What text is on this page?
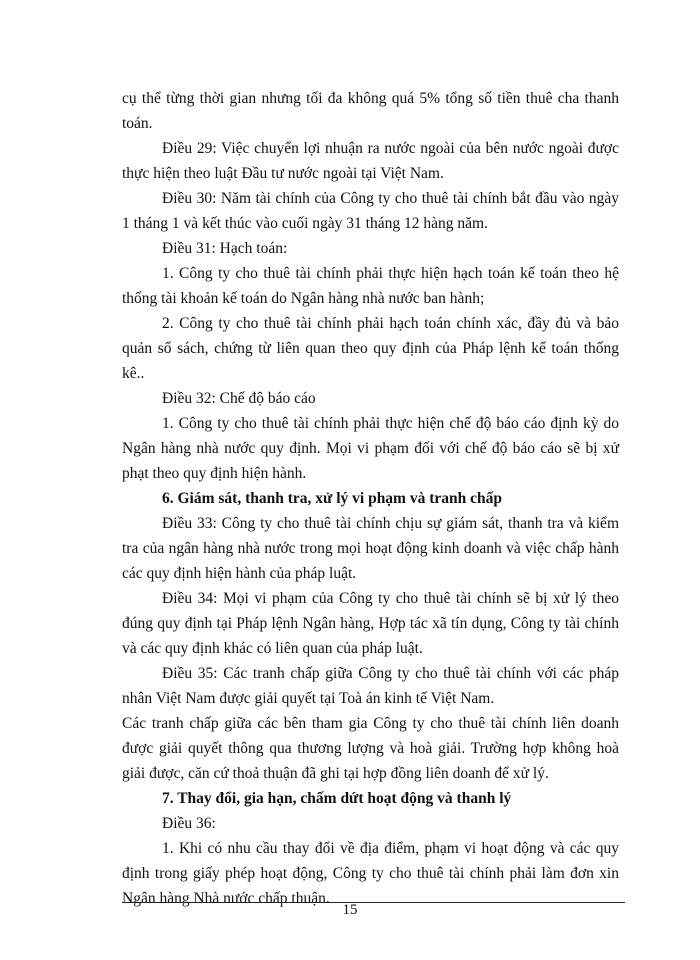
cụ thể từng thời gian nhưng tối đa không quá 5% tổng số tiền thuê cha thanh toán.

Điều 29: Việc chuyển lợi nhuận ra nước ngoài của bên nước ngoài được thực hiện theo luật Đầu tư nước ngoài tại Việt Nam.

Điều 30: Năm tài chính của Công ty cho thuê tài chính bắt đầu vào ngày 1 tháng 1 và kết thúc vào cuối ngày 31 tháng 12 hàng năm.

Điều 31: Hạch toán:

1. Công ty cho thuê tài chính phải thực hiện hạch toán kế toán theo hệ thống tài khoản kế toán do Ngân hàng nhà nước ban hành;

2. Công ty cho thuê tài chính phải hạch toán chính xác, đầy đủ và bảo quản sổ sách, chứng từ liên quan theo quy định của Pháp lệnh kế toán thống kê..

Điều 32: Chế độ báo cáo

1. Công ty cho thuê tài chính phải thực hiện chế độ báo cáo định kỳ do Ngân hàng nhà nước quy định. Mọi vi phạm đối với chế độ báo cáo sẽ bị xử phạt theo quy định hiện hành.

6. Giám sát, thanh tra, xử lý vi phạm và tranh chấp

Điều 33: Công ty cho thuê tài chính chịu sự giám sát, thanh tra và kiểm tra của ngân hàng nhà nước trong mọi hoạt động kinh doanh và việc chấp hành các quy định hiện hành của pháp luật.

Điều 34: Mọi vi phạm của Công ty cho thuê tài chính sẽ bị xử lý theo đúng quy định tại Pháp lệnh Ngân hàng, Hợp tác xã tín dụng, Công ty tài chính và các quy định khác có liên quan của pháp luật.

Điều 35: Các tranh chấp giữa Công ty cho thuê tài chính với các pháp nhân Việt Nam được giải quyết tại Toà án kinh tế Việt Nam.

Các tranh chấp giữa các bên tham gia Công ty cho thuê tài chính liên doanh được giải quyết thông qua thương lượng và hoà giải. Trường hợp không hoà giải được, căn cứ thoả thuận đã ghi tại hợp đồng liên doanh để xử lý.

7. Thay đổi, gia hạn, chấm dứt hoạt động và thanh lý

Điều 36:

1. Khi có nhu cầu thay đổi về địa điểm, phạm vi hoạt động và các quy định trong giấy phép hoạt động, Công ty cho thuê tài chính phải làm đơn xin Ngân hàng Nhà nước chấp thuận.

15
